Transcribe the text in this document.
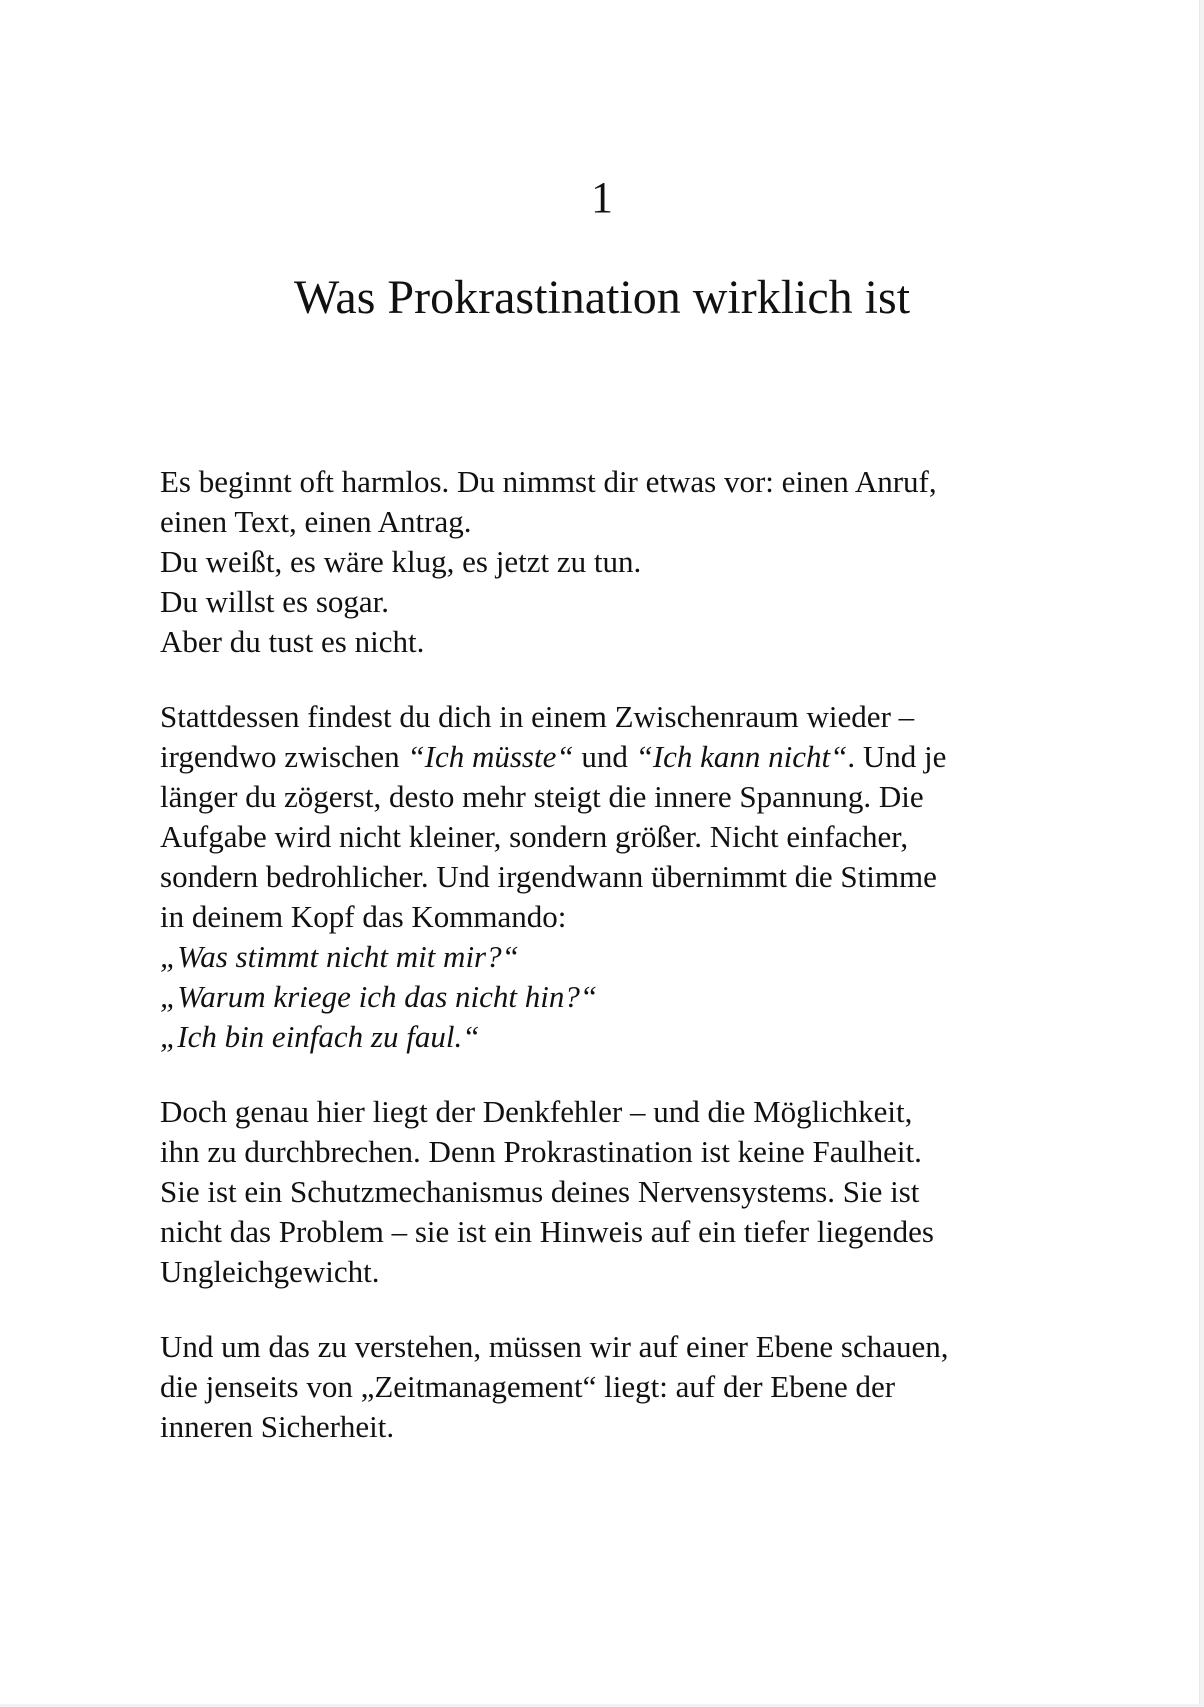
1
Was Prokrastination wirklich ist

Es beginnt oft harmlos. Du nimmst dir etwas vor: einen Anruf,
einen Text, einen Antrag.
Du weißt, es wäre klug, es jetzt zu tun.
Du willst es sogar.
Aber du tust es nicht.

Stattdessen findest du dich in einem Zwischenraum wieder –
irgendwo zwischen “Ich müsste“ und “Ich kann nicht“. Und je
länger du zögerst, desto mehr steigt die innere Spannung. Die
Aufgabe wird nicht kleiner, sondern größer. Nicht einfacher,
sondern bedrohlicher. Und irgendwann übernimmt die Stimme
in deinem Kopf das Kommando:
„Was stimmt nicht mit mir?“
„Warum kriege ich das nicht hin?“
„Ich bin einfach zu faul.“

Doch genau hier liegt der Denkfehler – und die Möglichkeit,
ihn zu durchbrechen. Denn Prokrastination ist keine Faulheit.
Sie ist ein Schutzmechanismus deines Nervensystems. Sie ist
nicht das Problem – sie ist ein Hinweis auf ein tiefer liegendes
Ungleichgewicht.

Und um das zu verstehen, müssen wir auf einer Ebene schauen,
die jenseits von „Zeitmanagement“ liegt: auf der Ebene der
inneren Sicherheit.
